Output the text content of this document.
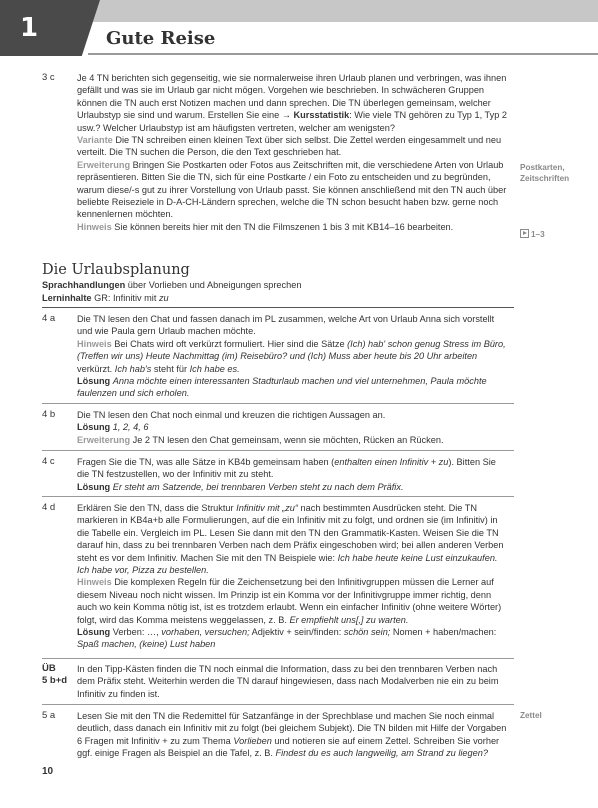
1	Gute Reise
3 c Je 4 TN berichten sich gegenseitig, wie sie normalerweise ihren Urlaub planen und verbringen, was ihnen gefällt und was sie im Urlaub gar nicht mögen. Vorgehen wie beschrieben. In schwächeren Gruppen können die TN auch erst Notizen machen und dann sprechen. Die TN überlegen gemeinsam, welcher Urlaubstyp sie sind und warum. Erstellen Sie eine → Kursstatistik: Wie viele TN gehören zu Typ 1, Typ 2 usw.? Welcher Urlaubstyp ist am häufigsten vertreten, welcher am wenigsten?
Variante Die TN schreiben einen kleinen Text über sich selbst. Die Zettel werden eingesammelt und neu verteilt. Die TN suchen die Person, die den Text geschrieben hat.
Erweiterung Bringen Sie Postkarten oder Fotos aus Zeitschriften mit, die verschiedene Arten von Urlaub repräsentieren. Bitten Sie die TN, sich für eine Postkarte / ein Foto zu entscheiden und zu begründen, warum diese/-s gut zu ihrer Vorstellung von Urlaub passt. Sie können anschließend mit den TN auch über beliebte Reiseziele in D-A-CH-Ländern sprechen, welche die TN schon besucht haben bzw. gerne noch kennenlernen möchten.
Hinweis Sie können bereits hier mit den TN die Filmszenen 1 bis 3 mit KB14–16 bearbeiten.
Postkarten, Zeitschriften
1–3
Die Urlaubsplanung
Sprachhandlungen über Vorlieben und Abneigungen sprechen
Lerninhalte GR: Infinitiv mit zu
4 a Die TN lesen den Chat und fassen danach im PL zusammen, welche Art von Urlaub Anna sich vorstellt und wie Paula gern Urlaub machen möchte.
Hinweis Bei Chats wird oft verkürzt formuliert. Hier sind die Sätze (Ich) hab' schon genug Stress im Büro, (Treffen wir uns) Heute Nachmittag (im) Reisebüro? und (Ich) Muss aber heute bis 20 Uhr arbeiten verkürzt. Ich hab's steht für Ich habe es.
Lösung Anna möchte einen interessanten Stadturlaub machen und viel unternehmen, Paula möchte faulenzen und sich erholen.
4 b Die TN lesen den Chat noch einmal und kreuzen die richtigen Aussagen an.
Lösung 1, 2, 4, 6
Erweiterung Je 2 TN lesen den Chat gemeinsam, wenn sie möchten, Rücken an Rücken.
4 c Fragen Sie die TN, was alle Sätze in KB4b gemeinsam haben (enthalten einen Infinitiv + zu). Bitten Sie die TN festzustellen, wo der Infinitiv mit zu steht.
Lösung Er steht am Satzende, bei trennbaren Verben steht zu nach dem Präfix.
4 d Erklären Sie den TN, dass die Struktur Infinitiv mit „zu“ nach bestimmten Ausdrücken steht. Die TN markieren in KB4a+b alle Formulierungen, auf die ein Infinitiv mit zu folgt, und ordnen sie (im Infinitiv) in die Tabelle ein. Vergleich im PL. Lesen Sie dann mit den TN den Grammatik-Kasten. Weisen Sie die TN darauf hin, dass zu bei trennbaren Verben nach dem Präfix eingeschoben wird; bei allen anderen Verben steht es vor dem Infinitiv. Machen Sie mit den TN Beispiele wie: Ich habe heute keine Lust einzukaufen. Ich habe vor, Pizza zu bestellen.
Hinweis Die komplexen Regeln für die Zeichensetzung bei den Infinitivgruppen müssen die Lerner auf diesem Niveau noch nicht wissen. Im Prinzip ist ein Komma vor der Infinitivgruppe immer richtig, denn auch wo kein Komma nötig ist, ist es trotzdem erlaubt. Wenn ein einfacher Infinitiv (ohne weitere Wörter) folgt, wird das Komma meistens weggelassen, z. B. Er empfiehlt uns[,] zu warten.
Lösung Verben: …, vorhaben, versuchen; Adjektiv + sein/finden: schön sein; Nomen + haben/machen: Spaß machen, (keine) Lust haben
ÜB
5 b+d
In den Tipp-Kästen finden die TN noch einmal die Information, dass zu bei den trennbaren Verben nach dem Präfix steht. Weiterhin werden die TN darauf hingewiesen, dass nach Modalverben nie ein zu beim Infinitiv zu finden ist.
5 a Lesen Sie mit den TN die Redemittel für Satzanfänge in der Sprechblase und machen Sie noch einmal deutlich, dass danach ein Infinitiv mit zu folgt (bei gleichem Subjekt). Die TN bilden mit Hilfe der Vorgaben 6 Fragen mit Infinitiv + zu zum Thema Vorlieben und notieren sie auf einem Zettel. Schreiben Sie vorher ggf. einige Fragen als Beispiel an die Tafel, z. B. Findest du es auch langweilig, am Strand zu liegen?
Zettel
10
